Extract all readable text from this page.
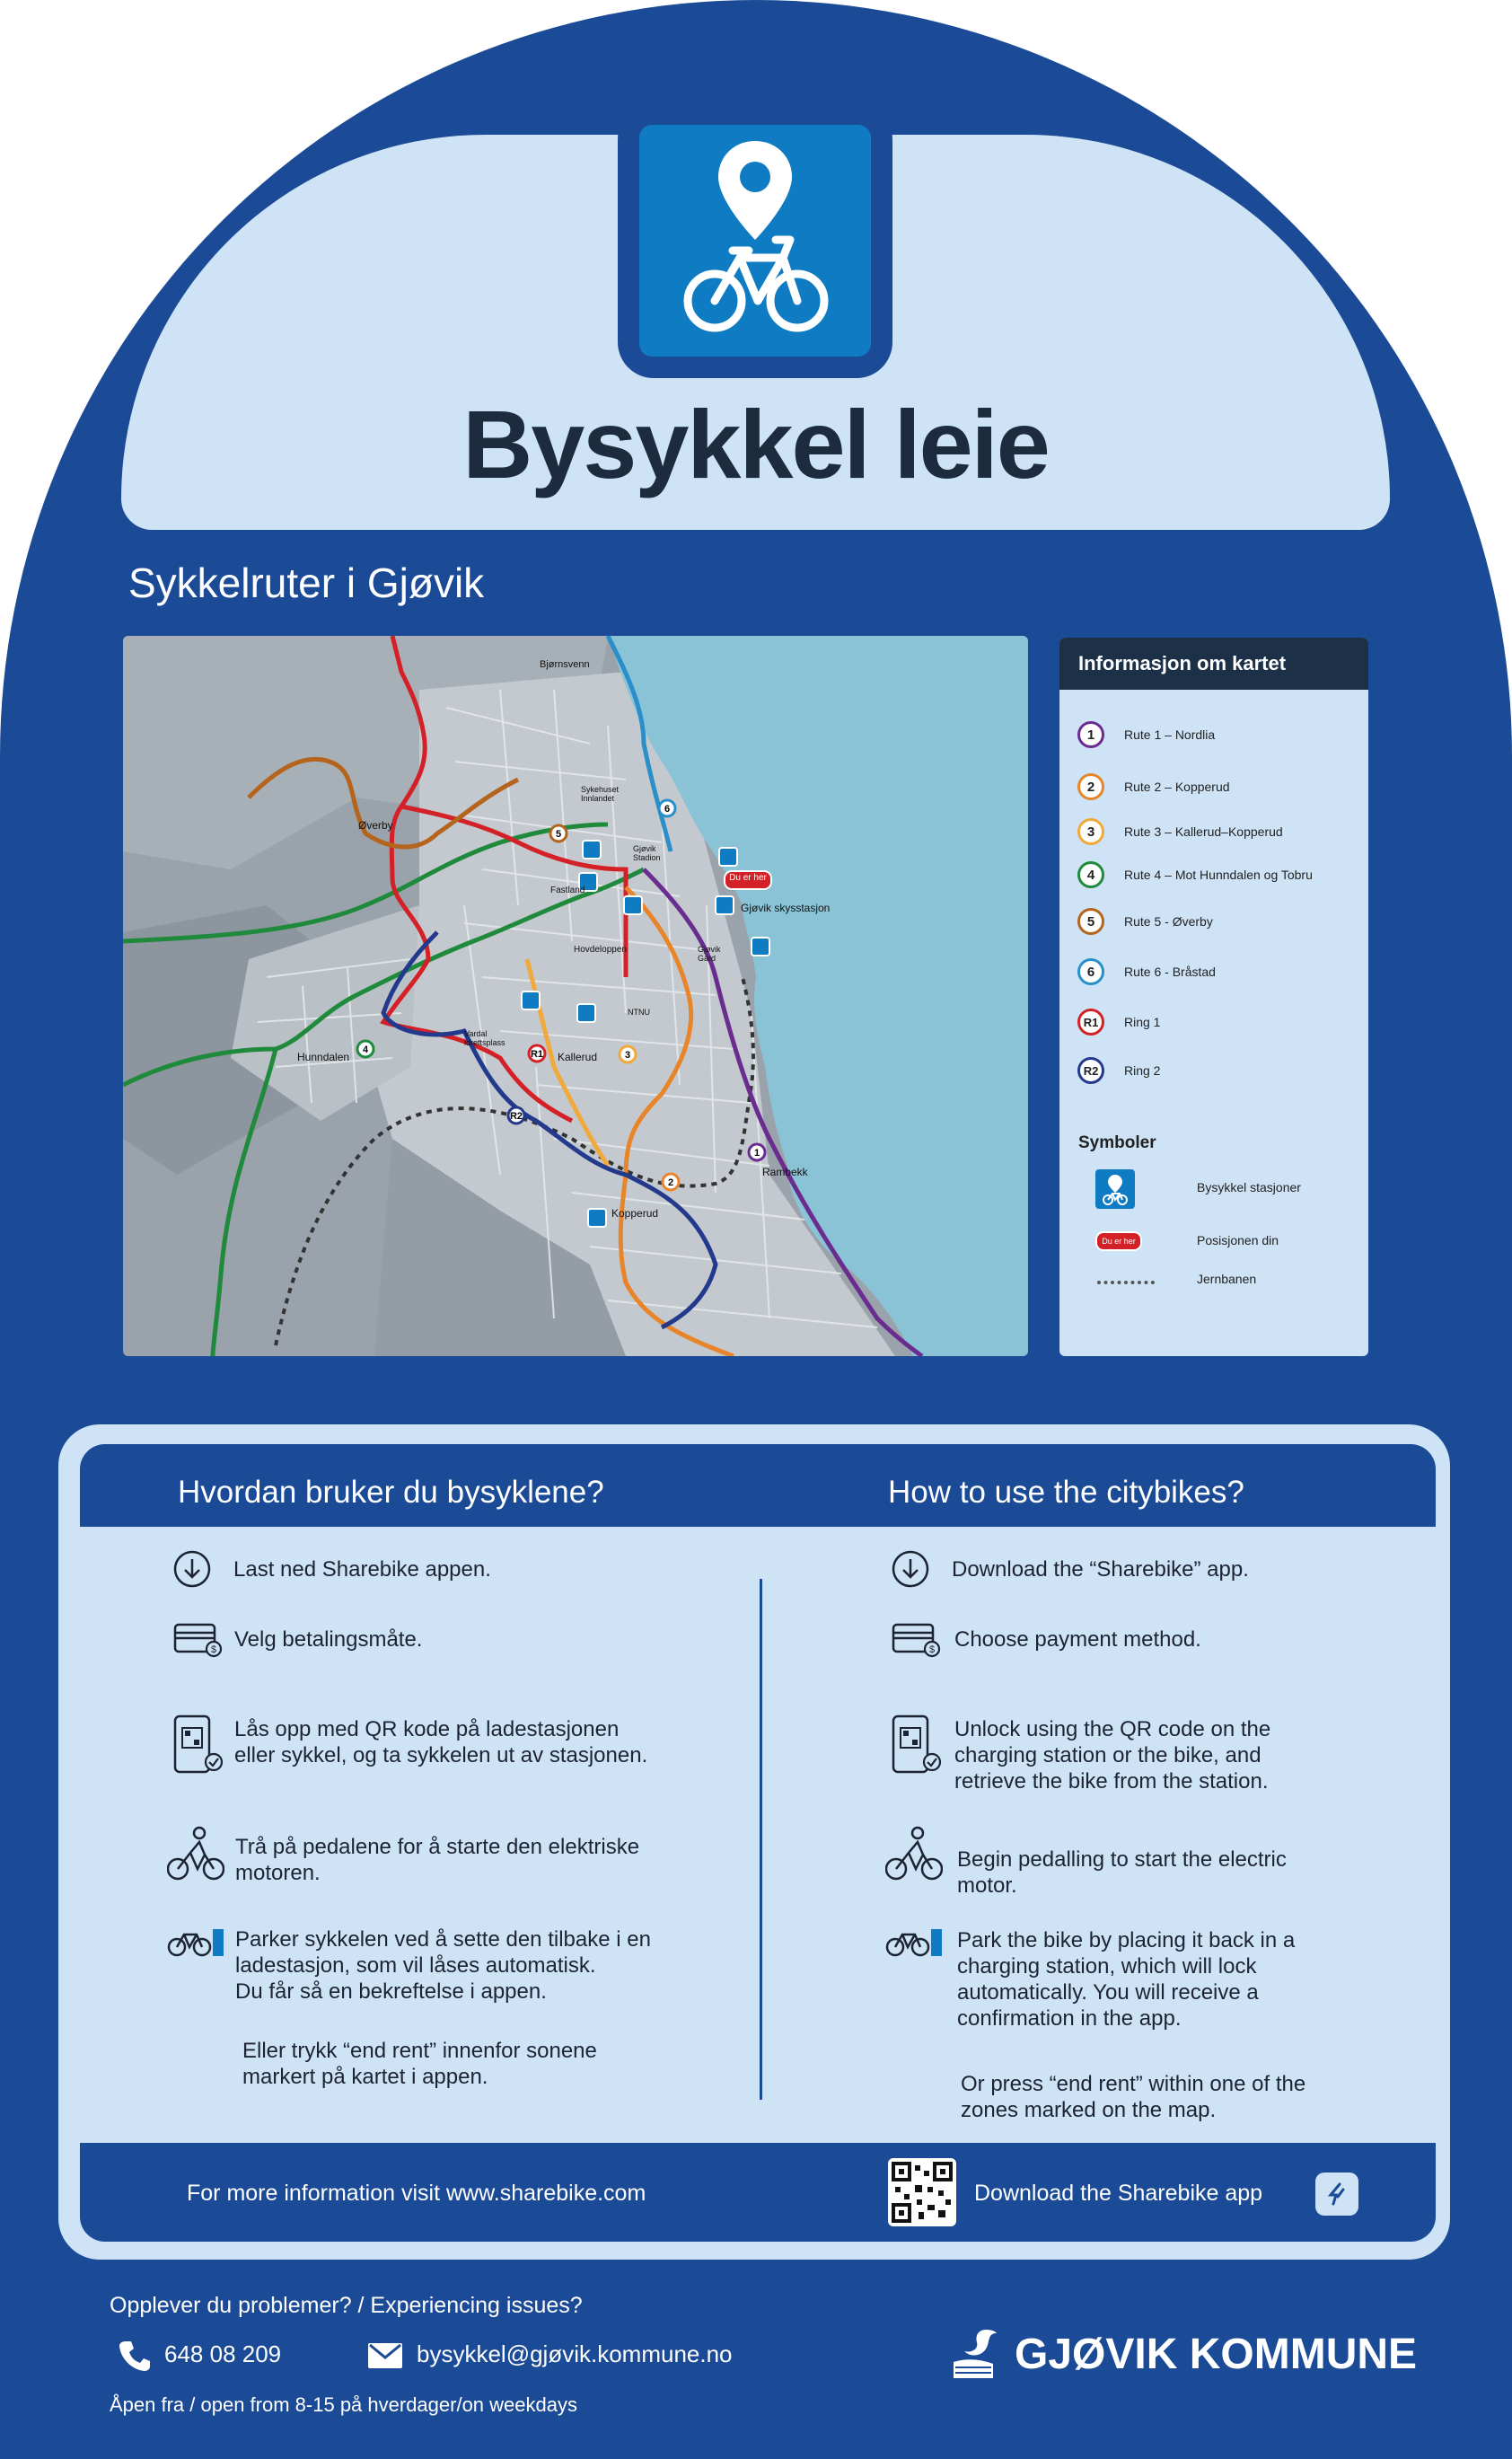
Bysykkel leie
Sykkelruter i Gjøvik
5
6
4	R1	3
R2
2
1
Du er her
Gjøvik skysstasjon
Bjørnsvenn
Sykehuset Innlandet
Øverby
Gjøvik Stadion
Fastland
Hovdeloppen	Gjøvik Gård
Hunndalen
NTNU
Vardal idrettsplass
Kallerud
Rambekk
Kopperud
Informasjon om kartet
1	Rute 1 – Nordlia
2	Rute 2 – Kopperud
3	Rute 3 – Kallerud–Kopperud
4	Rute 4 – Mot Hunndalen og Tobru
5	Rute 5 - Øverby
6	Rute 6 - Bråstad
R1	Ring 1
R2	Ring 2
Symboler
Bysykkel stasjoner
Du er her	Posisjonen din
Jernbanen
Hvordan bruker du bysyklene?	How to use the citybikes?
Last ned Sharebike appen.
$ Velg betalingsmåte.
Lås opp med QR kode på ladestasjonen
eller sykkel, og ta sykkelen ut av stasjonen.
Trå på pedalene for å starte den elektriske
motoren.
Parker sykkelen ved å sette den tilbake i en
ladestasjon, som vil låses automatisk.
Du får så en bekreftelse i appen.
Eller trykk “end rent” innenfor sonene
markert på kartet i appen.
Download the “Sharebike” app.
$ Choose payment method.
Unlock using the QR code on the
charging station or the bike, and
retrieve the bike from the station.
Begin pedalling to start the electric
motor.
Park the bike by placing it back in a
charging station, which will lock
automatically. You will receive a
confirmation in the app.
Or press “end rent” within one of the
zones marked on the map.
For more information visit www.sharebike.com	Download the Sharebike app
Opplever du problemer? / Experiencing issues?
648 08 209	bysykkel@gjøvik.kommune.no
Åpen fra / open from 8-15 på hverdager/on weekdays
GJØVIK KOMMUNE
